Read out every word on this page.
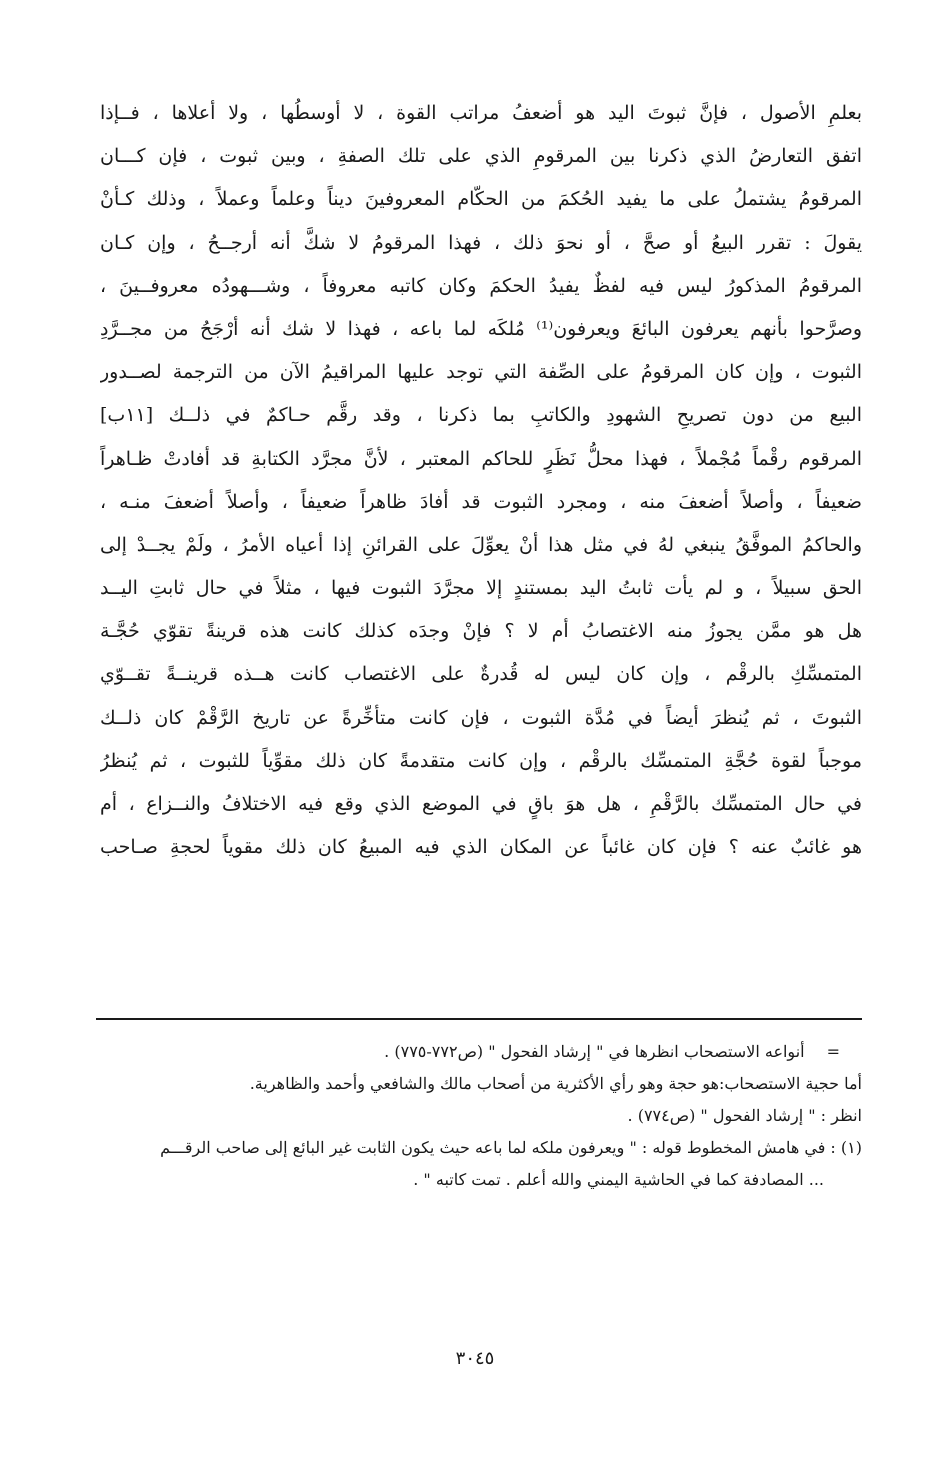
بعلمِ الأصول ، فإنَّ ثبوتَ اليد هو أضعفُ مراتب القوة ، لا أوسطُها ، ولا أعلاها ، فــإذا
اتفق التعارضُ الذي ذكرنا بين المرقومِ الذي على تلك الصفةِ ، وبين ثبوت ، فإن كـــان
المرقومُ يشتملُ على ما يفيد الحُكمَ من الحكّام المعروفينَ ديناً وعلماً وعملاً ، وذلك كـأنْ
يقولَ : تقرر البيعُ أو صحَّ ، أو نحوَ ذلك ، فهذا المرقومُ لا شكَّ أنه أرجــحُ ، وإن كـان
المرقومُ المذكورُ ليس فيه لفظٌ يفيدُ الحكمَ وكان كاتبه معروفاً ، وشـــهودُه معروفــينَ ،
وصرَّحوا بأنهم يعرفون البائعَ ويعرفون⁽¹⁾ مُلكَه لما باعه ، فهذا لا شك أنه أرْجَحُ من مجــرَّدِ
الثبوت ، وإن كان المرقومُ على الصِّفة التي توجد عليها المراقيمُ الآن من الترجمة لصــدور
البيع من دون تصريحِ الشهودِ والكاتبِ بما ذكرنا ، وقد رقَّم حـاكمٌ في ذلــك [١١ب]
المرقوم رقْماً مُجْملاً ، فهذا محلُّ نَظَرٍ للحاكم المعتبر ، لأنَّ مجرَّد الكتابةِ قد أفادتْ ظـاهراً
ضعيفاً ، وأصلاً أضعفَ منه ، ومجرد الثبوت قد أفادَ ظاهراً ضعيفاً ، وأصلاً أضعفَ منـه ،
والحاكمُ الموفَّقُ ينبغي لهُ في مثل هذا أنْ يعوِّلَ على القرائنِ إذا أعياه الأمرُ ، ولَمْ يجــدْ إلى
الحق سبيلاً ، و لم يأت ثابتُ اليد بمستندٍ إلا مجرَّدَ الثبوت فيها ، مثلاً في حال ثابتِ اليــد
هل هو ممَّن يجوزُ منه الاغتصابُ أم لا ؟ فإنْ وجدَه كذلك كانت هذه قرينةً تقوّي حُجَّـة
المتمسِّكِ بالرقْم ، وإن كان ليس له قُدرةٌ على الاغتصاب كانت هــذه قرينــةً تقــوّي
الثبوتَ ، ثم يُنظرَ أيضاً في مُدَّة الثبوت ، فإن كانت متأخِّرةً عن تاريخ الرَّقْمْ كان ذلــك
موجباً لقوة حُجَّةِ المتمسِّك بالرقْم ، وإن كانت متقدمةً كان ذلك مقوِّياً للثبوت ، ثم يُنظرُ
في حال المتمسِّك بالرَّقْمِ ، هل هوَ باقٍ في الموضع الذي وقع فيه الاختلافُ والنــزاع ، أم
هو غائبٌ عنه ؟ فإن كان غائباً عن المكان الذي فيه المبيعُ كان ذلك مقوياً لحجةِ صـاحب
= أنواعه الاستصحاب انظرها في " إرشاد الفحول " (ص٧٧٢-٧٧٥) .
أما حجية الاستصحاب:هو حجة وهو رأي الأكثرية من أصحاب مالك والشافعي وأحمد والظاهرية.
انظر : " إرشاد الفحول " (ص٧٧٤) .
(١) : في هامش المخطوط قوله : " ويعرفون ملكه لما باعه حيث يكون الثابت غير البائع إلى صاحب الرقـــم
... المصادفة كما في الحاشية اليمني والله أعلم . تمت كاتبه " .
٣٠٤٥
